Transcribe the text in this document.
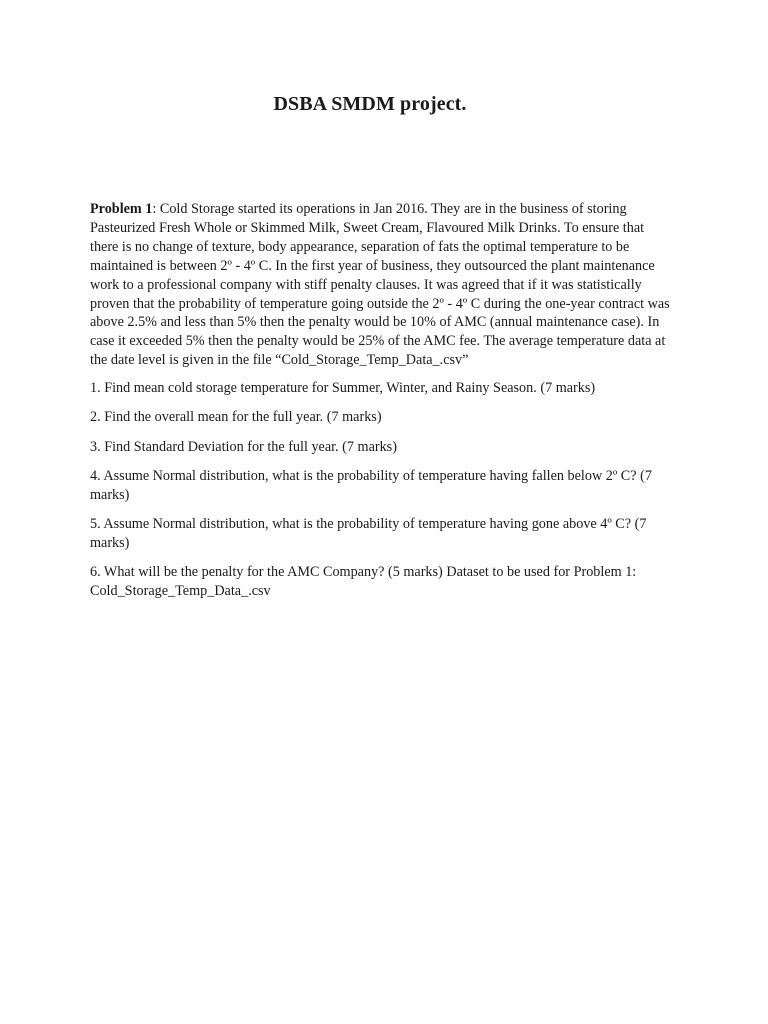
DSBA SMDM project.

Problem 1: Cold Storage started its operations in Jan 2016. They are in the business of storing Pasteurized Fresh Whole or Skimmed Milk, Sweet Cream, Flavoured Milk Drinks. To ensure that there is no change of texture, body appearance, separation of fats the optimal temperature to be maintained is between 2º - 4º C. In the first year of business, they outsourced the plant maintenance work to a professional company with stiff penalty clauses. It was agreed that if it was statistically proven that the probability of temperature going outside the 2º - 4º C during the one-year contract was above 2.5% and less than 5% then the penalty would be 10% of AMC (annual maintenance case). In case it exceeded 5% then the penalty would be 25% of the AMC fee. The average temperature data at the date level is given in the file “Cold_Storage_Temp_Data_.csv”

1. Find mean cold storage temperature for Summer, Winter, and Rainy Season. (7 marks)

2. Find the overall mean for the full year. (7 marks)

3. Find Standard Deviation for the full year. (7 marks)

4. Assume Normal distribution, what is the probability of temperature having fallen below 2º C? (7 marks)

5. Assume Normal distribution, what is the probability of temperature having gone above 4º C? (7 marks)

6. What will be the penalty for the AMC Company? (5 marks) Dataset to be used for Problem 1: Cold_Storage_Temp_Data_.csv
